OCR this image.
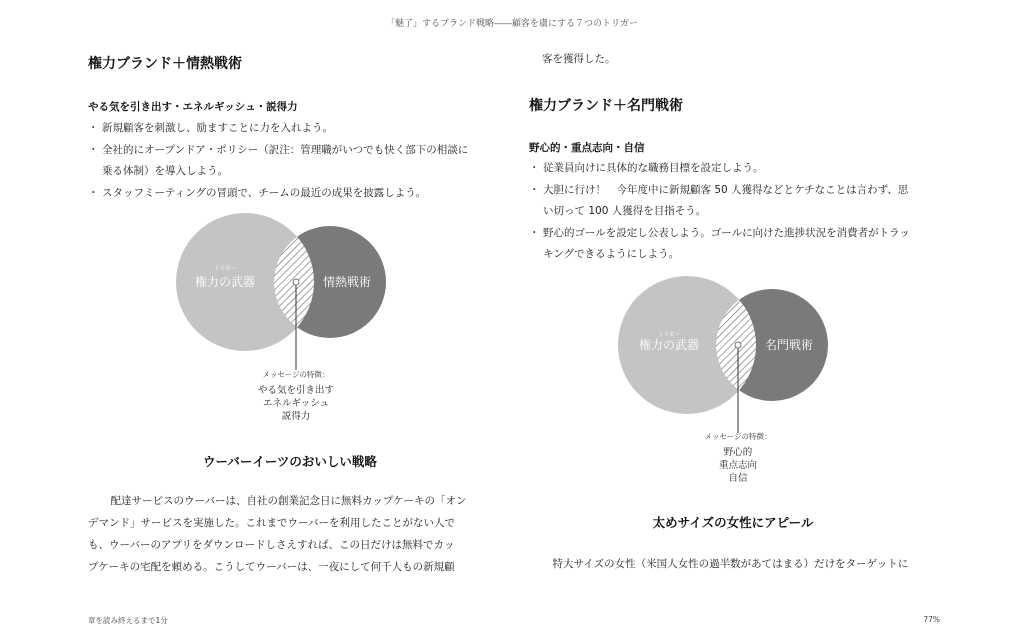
「魅了」するブランド戦略――顧客を虜にする７つのトリガー
権力ブランド＋情熱戦術
やる気を引き出す・エネルギッシュ・説得力
・ 新規顧客を刺激し、励ますことに力を入れよう。
・ 全社的にオープンドア・ポリシー（訳注：管理職がいつでも快く部下の相談に
乗る体制）を導入しよう。
・ スタッフミーティングの冒頭で、チームの最近の成果を披露しよう。
トリガー
権力の武器	情熱戦術
メッセージの特徴：
やる気を引き出す
エネルギッシュ
説得力
ウーバーイーツのおいしい戦略
　配達サービスのウーバーは、自社の創業記念日に無料カップケーキの「オン
デマンド」サービスを実施した。これまでウーバーを利用したことがない人で
も、ウーバーのアプリをダウンロードしさえすれば、この日だけは無料でカッ
プケーキの宅配を頼める。こうしてウーバーは、一夜にして何千人もの新規顧
客を獲得した。
権力ブランド＋名門戦術
野心的・重点志向・自信
・ 従業員向けに具体的な職務目標を設定しよう。
・ 大胆に行け！　今年度中に新規顧客 50 人獲得などとケチなことは言わず、思
い切って 100 人獲得を目指そう。
・ 野心的ゴールを設定し公表しよう。ゴールに向けた進捗状況を消費者がトラッ
キングできるようにしよう。
トリガー
権力の武器	名門戦術
メッセージの特徴：
野心的
重点志向
自信
太めサイズの女性にアピール
　特大サイズの女性（米国人女性の過半数があてはまる）だけをターゲットに
章を読み終えるまで1分	77%
